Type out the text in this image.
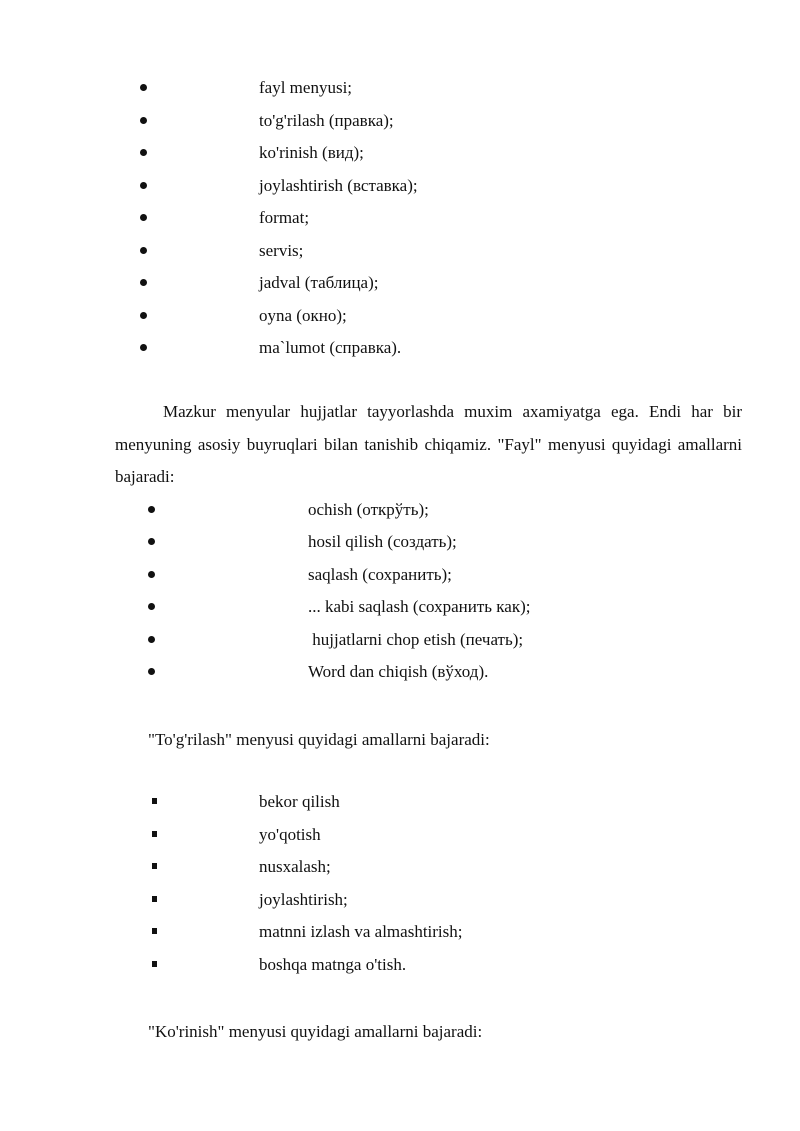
fayl menyusi;
to'g'rilash (правка);
ko'rinish (вид);
joylashtirish (вставка);
format;
servis;
jadval (таблица);
oyna (окно);
ma`lumot (справка).
Mazkur menyular hujjatlar tayyorlashda muxim axamiyatga ega. Endi har bir menyuning asosiy buyruqlari bilan tanishib chiqamiz. "Fayl" menyusi quyidagi amallarni bajaradi:
ochish (открўть);
hosil qilish (создать);
saqlash (сохранить);
... kabi saqlash (сохранить как);
hujjatlarni chop etish (печать);
Word dan chiqish (вўход).
"To'g'rilash" menyusi quyidagi amallarni bajaradi:
bekor qilish
yo'qotish
nusxalash;
joylashtirish;
matnni izlash va almashtirish;
boshqa matnga o'tish.
"Ko'rinish" menyusi quyidagi amallarni bajaradi:
